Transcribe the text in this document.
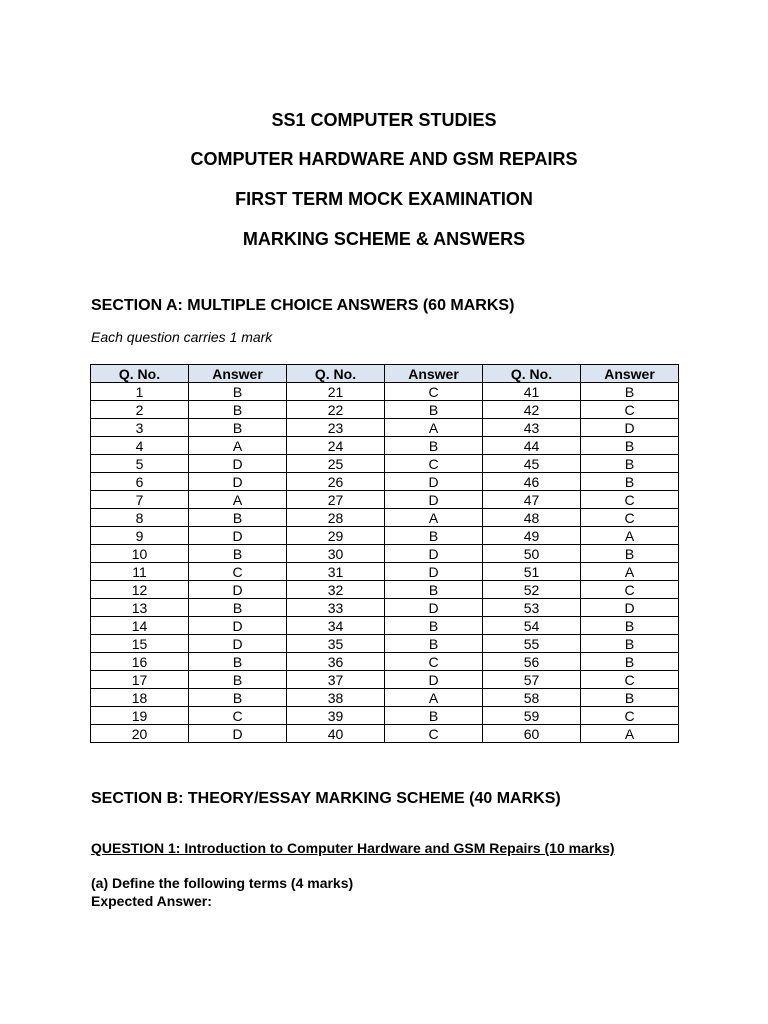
SS1 COMPUTER STUDIES
COMPUTER HARDWARE AND GSM REPAIRS
FIRST TERM MOCK EXAMINATION
MARKING SCHEME & ANSWERS
SECTION A: MULTIPLE CHOICE ANSWERS (60 MARKS)
Each question carries 1 mark
Q. No.	Answer	Q. No.	Answer	Q. No.	Answer
1	B	21	C	41	B
2	B	22	B	42	C
3	B	23	A	43	D
4	A	24	B	44	B
5	D	25	C	45	B
6	D	26	D	46	B
7	A	27	D	47	C
8	B	28	A	48	C
9	D	29	B	49	A
10	B	30	D	50	B
11	C	31	D	51	A
12	D	32	B	52	C
13	B	33	D	53	D
14	D	34	B	54	B
15	D	35	B	55	B
16	B	36	C	56	B
17	B	37	D	57	C
18	B	38	A	58	B
19	C	39	B	59	C
20	D	40	C	60	A
SECTION B: THEORY/ESSAY MARKING SCHEME (40 MARKS)
QUESTION 1: Introduction to Computer Hardware and GSM Repairs (10 marks)
(a) Define the following terms (4 marks)
Expected Answer:
